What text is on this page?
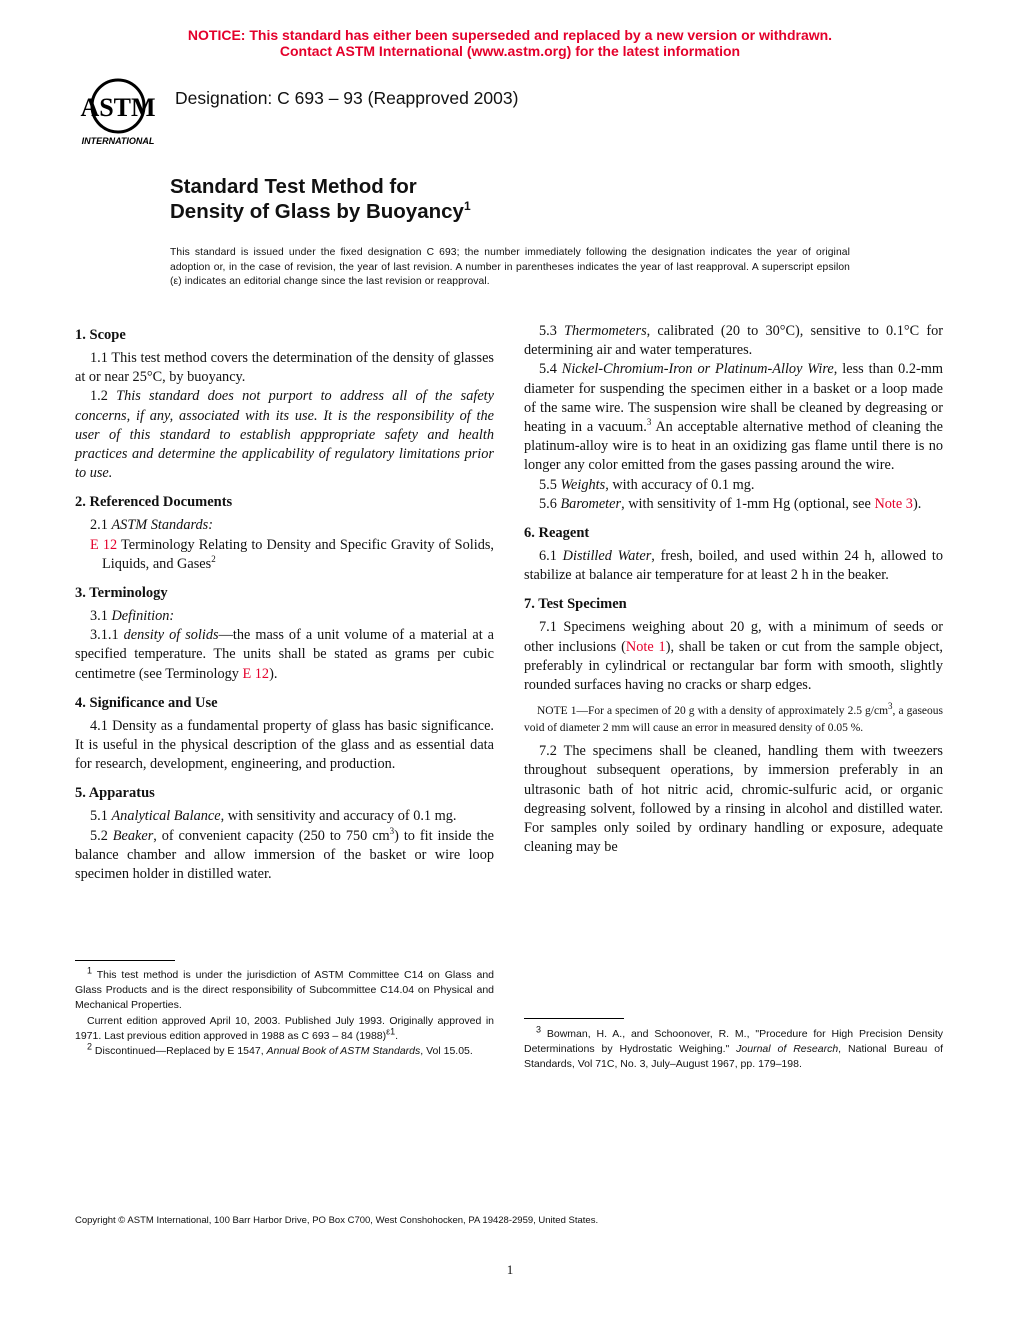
NOTICE: This standard has either been superseded and replaced by a new version or withdrawn.
Contact ASTM International (www.astm.org) for the latest information
ASTM
INTERNATIONAL
Designation: C 693 – 93 (Reapproved 2003)
Standard Test Method for
Density of Glass by Buoyancy$^1$
This standard is issued under the fixed designation C 693; the number immediately following the designation indicates the year of original adoption or, in the case of revision, the year of last revision. A number in parentheses indicates the year of last reapproval. A superscript epsilon (ε) indicates an editorial change since the last revision or reapproval.
1. Scope

1.1 This test method covers the determination of the density of glasses at or near 25°C, by buoyancy.

1.2 This standard does not purport to address all of the safety concerns, if any, associated with its use. It is the responsibility of the user of this standard to establish apppropriate safety and health practices and determine the applicability of regulatory limitations prior to use.

2. Referenced Documents

2.1 ASTM Standards:

E 12 Terminology Relating to Density and Specific Gravity of Solids, Liquids, and Gases$^2$

3. Terminology

3.1 Definition:

3.1.1 density of solids—the mass of a unit volume of a material at a specified temperature. The units shall be stated as grams per cubic centimetre (see Terminology E 12).

4. Significance and Use

4.1 Density as a fundamental property of glass has basic significance. It is useful in the physical description of the glass and as essential data for research, development, engineering, and production.

5. Apparatus

5.1 Analytical Balance, with sensitivity and accuracy of 0.1 mg.

5.2 Beaker, of convenient capacity (250 to 750 $cm^3$) to fit inside the balance chamber and allow immersion of the basket or wire loop specimen holder in distilled water.

5.3 Thermometers, calibrated (20 to 30°C), sensitive to 0.1°C for determining air and water temperatures.

5.4 Nickel-Chromium-Iron or Platinum-Alloy Wire, less than 0.2-mm diameter for suspending the specimen either in a basket or a loop made of the same wire. The suspension wire shall be cleaned by degreasing or heating in a vacuum.$^3$ An acceptable alternative method of cleaning the platinum-alloy wire is to heat in an oxidizing gas flame until there is no longer any color emitted from the gases passing around the wire.

5.5 Weights, with accuracy of 0.1 mg.

5.6 Barometer, with sensitivity of 1-mm Hg (optional, see Note 3).

6. Reagent

6.1 Distilled Water, fresh, boiled, and used within 24 h, allowed to stabilize at balance air temperature for at least 2 h in the beaker.

7. Test Specimen

7.1 Specimens weighing about 20 g, with a minimum of seeds or other inclusions (Note 1), shall be taken or cut from the sample object, preferably in cylindrical or rectangular bar form with smooth, slightly rounded surfaces having no cracks or sharp edges.

NOTE 1—For a specimen of 20 g with a density of approximately 2.5 $g/cm^3$, a gaseous void of diameter 2 mm will cause an error in measured density of 0.05 %.

7.2 The specimens shall be cleaned, handling them with tweezers throughout subsequent operations, by immersion preferably in an ultrasonic bath of hot nitric acid, chromic-sulfuric acid, or organic degreasing solvent, followed by a rinsing in alcohol and distilled water. For samples only soiled by ordinary handling or exposure, adequate cleaning may be

$^1$ This test method is under the jurisdiction of ASTM Committee C14 on Glass and Glass Products and is the direct responsibility of Subcommittee C14.04 on Physical and Mechanical Properties.

Current edition approved April 10, 2003. Published July 1993. Originally approved in 1971. Last previous edition approved in 1988 as C 693 – 84 $(1988)^{\varepsilon 1}$.

$^2$ Discontinued—Replaced by E 1547, Annual Book of ASTM Standards, Vol 15.05.

$^3$ Bowman, H. A., and Schoonover, R. M., "Procedure for High Precision Density Determinations by Hydrostatic Weighing." Journal of Research, National Bureau of Standards, Vol 71C, No. 3, July–August 1967, pp. 179–198.

Copyright © ASTM International, 100 Barr Harbor Drive, PO Box C700, West Conshohocken, PA 19428-2959, United States.
1
